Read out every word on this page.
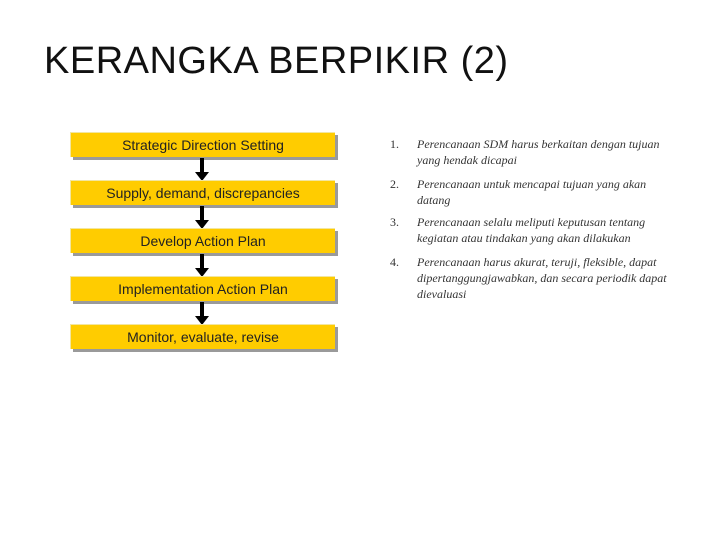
KERANGKA BERPIKIR (2)
Strategic Direction Setting
Supply, demand, discrepancies
Develop Action Plan
Implementation Action Plan
Monitor, evaluate, revise
1. Perencanaan SDM harus berkaitan dengan tujuan yang hendak dicapai
2. Perencanaan untuk mencapai tujuan yang akan datang
3. Perencanaan selalu meliputi keputusan tentang kegiatan atau tindakan yang akan dilakukan
4. Perencanaan harus akurat, teruji, fleksible, dapat dipertanggungjawabkan, dan secara periodik dapat dievaluasi
